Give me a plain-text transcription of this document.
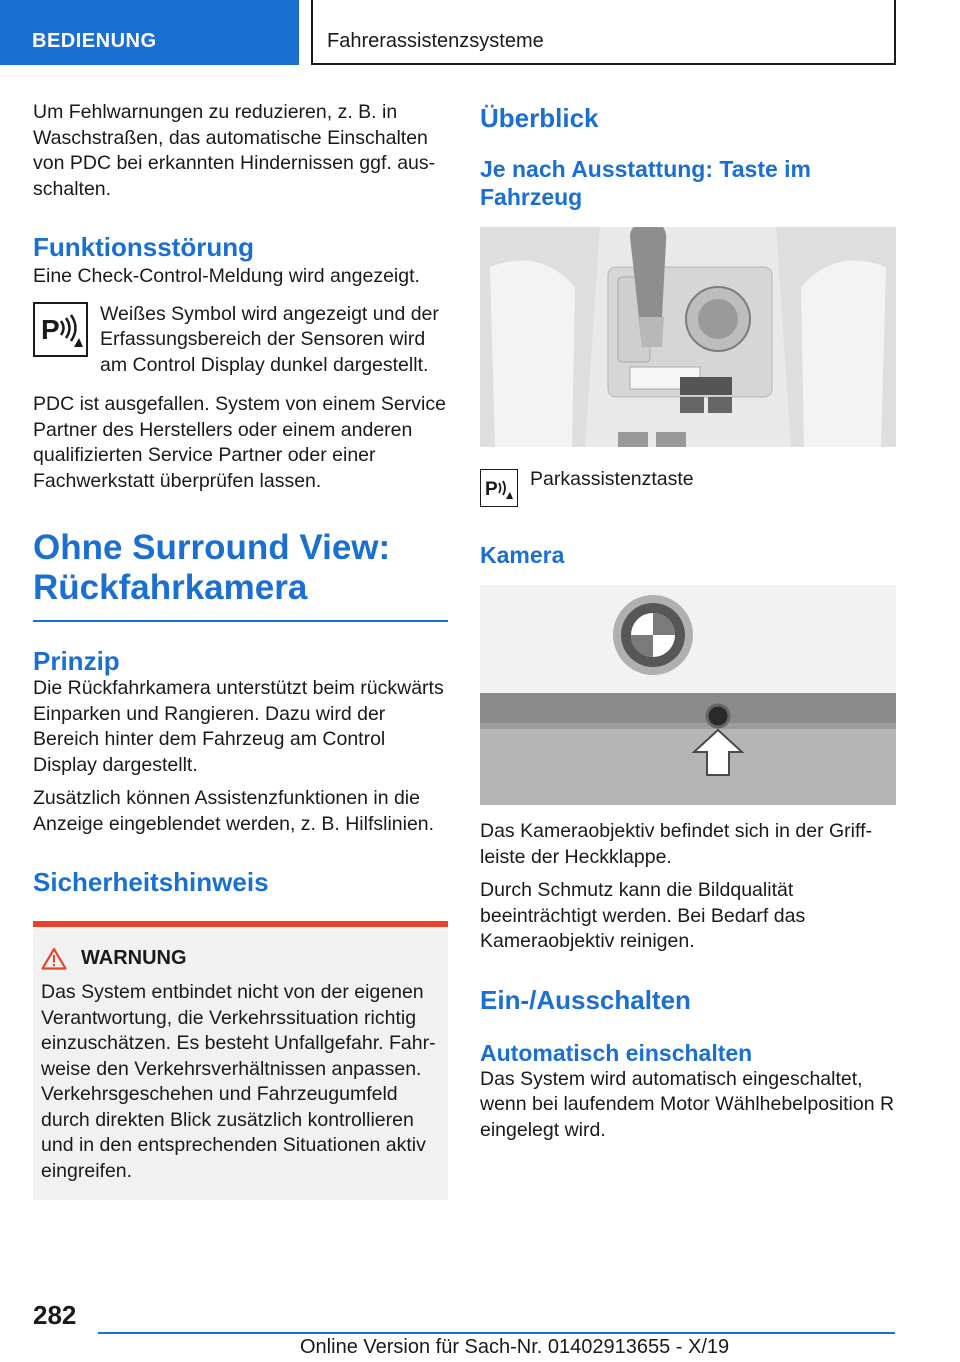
BEDIENUNG	Fahrerassistenzsysteme

Um Fehlwarnungen zu reduzieren, z. B. in Waschstraßen, das automatische Einschalten von PDC bei erkannten Hindernissen ggf. ausschalten.

Funktionsstörung

Eine Check-Control-Meldung wird angezeigt.

P

Weißes Symbol wird angezeigt und der Erfassungsbereich der Sensoren wird am Control Display dunkel dargestellt.

PDC ist ausgefallen. System von einem Service Partner des Herstellers oder einem anderen qualifizierten Service Partner oder einer Fachwerkstatt überprüfen lassen.

Ohne Surround View:
Rückfahrkamera
Prinzip

Die Rückfahrkamera unterstützt beim rückwärts Einparken und Rangieren. Dazu wird der Bereich hinter dem Fahrzeug am Control Display dargestellt.

Zusätzlich können Assistenzfunktionen in die Anzeige eingeblendet werden, z. B. Hilfslinien.

Sicherheitshinweis
WARNUNG

Das System entbindet nicht von der eigenen Verantwortung, die Verkehrssituation richtig einzuschätzen. Es besteht Unfallgefahr. Fahrweise den Verkehrsverhältnissen anpassen. Verkehrsgeschehen und Fahrzeugumfeld durch direkten Blick zusätzlich kontrollieren und in den entsprechenden Situationen aktiv eingreifen.

Überblick
Je nach Ausstattung: Taste im Fahrzeug
P Parkassistenztaste

Kamera

Das Kameraobjektiv befindet sich in der Griffleiste der Heckklappe.

Durch Schmutz kann die Bildqualität beeinträchtigt werden. Bei Bedarf das Kameraobjektiv reinigen.

Ein-/Ausschalten
Automatisch einschalten

Das System wird automatisch eingeschaltet, wenn bei laufendem Motor Wählhebelposition R eingelegt wird.

282
Online Version für Sach-Nr. 01402913655 - X/19
